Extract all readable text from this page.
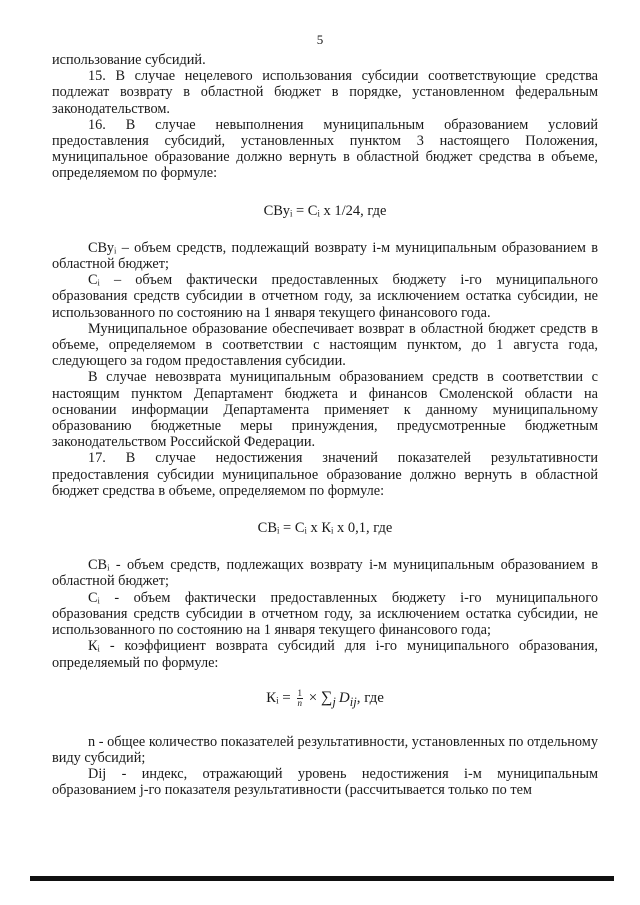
5

использование субсидий.

15. В случае нецелевого использования субсидии соответствующие средства подлежат возврату в областной бюджет в порядке, установленном федеральным законодательством.

16. В случае невыполнения муниципальным образованием условий предоставления субсидий, установленных пунктом 3 настоящего Положения, муниципальное образование должно вернуть в областной бюджет средства в объеме, определяемом по формуле:

СВуᵢ = Cᵢ х 1/24, где

СВуᵢ – объем средств, подлежащий возврату i-м муниципальным образованием в областной бюджет;

Cᵢ – объем фактически предоставленных бюджету i-го муниципального образования средств субсидии в отчетном году, за исключением остатка субсидии, не использованного по состоянию на 1 января текущего финансового года.

Муниципальное образование обеспечивает возврат в областной бюджет средств в объеме, определяемом в соответствии с настоящим пунктом, до 1 августа года, следующего за годом предоставления субсидии.

В случае невозврата муниципальным образованием средств в соответствии с настоящим пунктом Департамент бюджета и финансов Смоленской области на основании информации Департамента применяет к данному муниципальному образованию бюджетные меры принуждения, предусмотренные бюджетным законодательством Российской Федерации.

17. В случае недостижения значений показателей результативности предоставления субсидии муниципальное образование должно вернуть в областной бюджет средства в объеме, определяемом по формуле:

СВᵢ = Cᵢ х Кᵢ х 0,1, где

СВᵢ - объем средств, подлежащих возврату i-м муниципальным образованием в областной бюджет;

Cᵢ - объем фактически предоставленных бюджету i-го муниципального образования средств субсидии в отчетном году, за исключением остатка субсидии, не использованного по состоянию на 1 января текущего финансового года;

Кᵢ - коэффициент возврата субсидий для i-го муниципального образования, определяемый по формуле:

Кᵢ = $\frac{1}{n} \times \sum_j$  $D_{ij}$, где

n - общее количество показателей результативности, установленных по отдельному виду субсидий;

Dij - индекс, отражающий уровень недостижения i-м муниципальным образованием j-го показателя результативности (рассчитывается только по тем
